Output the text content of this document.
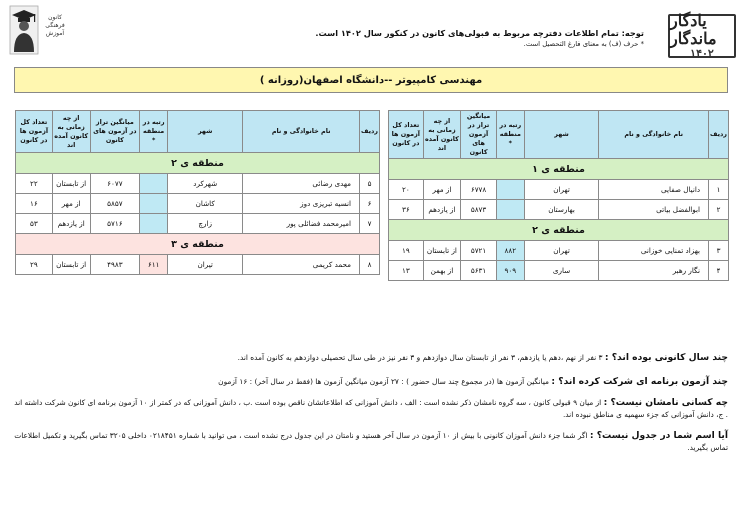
یادگار ماندگار
۱۴۰۲
توجه: تمام اطلاعات دفترچه مربوط به قبولی‌های کانون در کنکور سال ۱۴۰۲ است.
* حرف (ف) به معنای فارغ التحصیل است.
کانون فرهنگی آموزش
مهندسی کامپیوتر --دانشگاه اصفهان(روزانه )
ردیف	نام خانوادگی و نام	شهر	رتبه در منطقه *	میانگین تراز در آزمون های کانون	از چه زمانی به کانون آمده اند	تعداد کل آزمون ها در کانون
منطقه ی ۱						
۱	دانیال صفایی	تهران		۶۷۷۸	از مهر	۲۰
۲	ابوالفضل بیاتی	بهارستان		۵۸۷۳	از یازدهم	۳۶
منطقه ی ۲						
۳	بهزاد تمنایی خوزانی	تهران	۸۸۲	۵۷۲۱	از تابستان	۱۹
۴	نگار رهبر	ساری	۹۰۹	۵۶۳۱	از بهمن	۱۳
ردیف	نام خانوادگی و نام	شهر	رتبه در منطقه *	میانگین تراز در آزمون های کانون	از چه زمانی به کانون آمده اند	تعداد کل آزمون ها در کانون
منطقه ی ۲						
۵	مهدی رضائی	شهرکرد		۶۰۷۷	از تابستان	۲۲
۶	انسیه تبریزی دوز	کاشان		۵۸۵۷	از مهر	۱۶
۷	امیرمحمد فضائلی پور	زارچ		۵۷۱۶	از یازدهم	۵۳
منطقه ی ۳						
۸	محمد کریمی	تیران	۶۱۱	۴۹۸۳	از تابستان	۲۹
چند سال کانونی بوده اند؟ : ۳ نفر از نهم ،دهم یا یازدهم، ۳ نفر از تابستان سال دوازدهم و ۳ نفر نیز در طی سال تحصیلی دوازدهم به کانون آمده اند.
چند آزمون برنامه ای شرکت کرده اند؟ : میانگین آزمون ها (در مجموع چند سال حضور ) : ۲۷ آزمون میانگین آزمون ها (فقط در سال آخر) : ۱۶ آزمون
چه کسانی نامشان نیست؟ : از میان ۹ قبولی کانون ، سه گروه نامشان ذکر نشده است : الف ، دانش آموزانی که اطلاعاتشان ناقص بوده است .ب ، دانش آموزانی که در کمتر از ۱۰ آزمون برنامه ای کانون شرکت داشته اند . ج، دانش آموزانی که جزء سهمیه ی مناطق نبوده اند.
آیا اسم شما در جدول نیست؟ : اگر شما جزء دانش آموزان کانونی با بیش از ۱۰ آزمون در سال آخر هستید و نامتان در این جدول درج نشده است ، می توانید با شماره ۰۲۱۸۴۵۱ داخلی ۳۲۰۵ تماس بگیرید و تکمیل اطلاعات تماس بگیرید.
